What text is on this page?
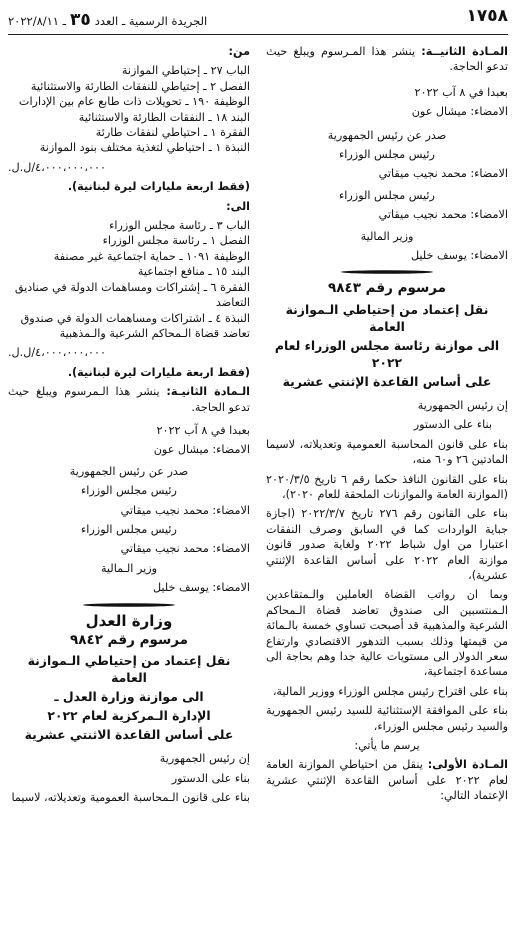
١٧٥٨
الجريدة الرسمية ـ العدد٣٥ـ ٢٠٢٢/٨/١١

المـادة الثانيــة: ينشر هذا المـرسوم ويبلغ حيث تدعو الحاجة.

بعبدا في ٨ آب ٢٠٢٢

الامضاء: ميشال عون

صدر عن رئيس الجمهورية

رئيس مجلس الوزراء

الامضاء: محمد نجيب ميقاتي

رئيس مجلس الوزراء

الامضاء: محمد نجيب ميقاتي

وزير المالية

الامضاء: يوسف خليل

مرسوم رقم ٩٨٤٣
نقل إعتماد من إحتياطي الـموازنة العامة
الى موازنة رئاسة مجلس الوزراء لعام ٢٠٢٢
على أساس القاعدة الإثنتي عشرية

إن رئيس الجمهورية

بناء على الدستور

بناء على قانون المحاسبة العمومية وتعديلاته، لاسيما المادتين ٢٦ و٦٠ منه،

بناء على القانون النافذ حكما رقم ٦ تاريخ ٢٠٢٠/٣/٥ (الموازنة العامة والموازنات الملحقة للعام ٢٠٢٠)،

بناء على القانون رقم ٢٧٦ تاريخ ٢٠٢٢/٣/٧ (اجازة جباية الواردات كما في السابق وصرف النفقات اعتبارا من اول شباط ٢٠٢٢ ولغاية صدور قانون موازنة العام ٢٠٢٢ على أساس القاعدة الإثنتي عشرية)،

وبما ان رواتب القضاة العاملين والـمتقاعدين الـمنتسبين الى صندوق تعاضد قضاة الـمحاكم الشرعية والمذهبية قد أصبحت تساوي خمسة بالـمائة من قيمتها وذلك بسبب التدهور الاقتصادي وارتفاع سعر الدولار الى مستويات عالية جدا وهم بحاجة الى مساعدة اجتماعية،

بناء على اقتراح رئيس مجلس الوزراء ووزير المالية،

بناء على الموافقة الإستثنائية للسيد رئيس الجمهورية والسيد رئيس مجلس الوزراء،

يرسم ما يأتي:

المـادة الأولى: ينقل من احتياطي الموازنة العامة لعام ٢٠٢٢ على أساس القاعدة الإثنتي عشرية الإعتماد التالي:

من:

الباب ٢٧ ـ إحتياطي الموازنة
الفصل ٢ ـ إحتياطي للنفقات الطارئة والاستثنائية
الوظيفة ١٩٠ ـ تحويلات ذات طابع عام بين الإدارات
البند ١٨ ـ النفقات الطارئة والاستثنائية
الفقرة ١ ـ احتياطي لنفقات طارئة
النبذة ١ ـ احتياطي لتغذية مختلف بنود الموازنة

٤،٠٠٠،٠٠٠،٠٠٠/ل.ل.

(فقط اربعة مليارات ليرة لبنانية).

الى:

الباب ٣ ـ رئاسة مجلس الوزراء
الفصل ١ ـ رئاسة مجلس الوزراء
الوظيفة ١٠٩١ ـ حماية اجتماعية غير مصنفة
البند ١٥ ـ منافع اجتماعية
الفقرة ٦ ـ إشتراكات ومساهمات الدولة في صناديق التعاضد
النبذة ٤ ـ اشتراكات ومساهمات الدولة في صندوق تعاضد قضاة الـمحاكم الشرعية والـمذهبية

٤،٠٠٠،٠٠٠،٠٠٠/ل.ل.

(فقط اربعة مليارات ليرة لبنانية).

الـمادة الثانيـة: ينشر هذا الـمرسوم ويبلغ حيث تدعو الحاجة.

بعبدا في ٨ آب ٢٠٢٢

الامضاء: ميشال عون

صدر عن رئيس الجمهورية

رئيس مجلس الوزراء

الامضاء: محمد نجيب ميقاتي

رئيس مجلس الوزراء

الامضاء: محمد نجيب ميقاتي

وزير الـمالية

الامضاء: يوسف خليل

وزارة العدل
مرسوم رقم ٩٨٤٢
نقل إعتماد من إحتياطي الـموازنة العامة
الى موازنة وزارة العدل ـ
الإدارة الـمركزية لعام ٢٠٢٢
على أساس القاعدة الاثنتي عشرية

إن رئيس الجمهورية

بناء على الدستور

بناء على قانون الـمحاسبة العمومية وتعديلاته، لاسيما
